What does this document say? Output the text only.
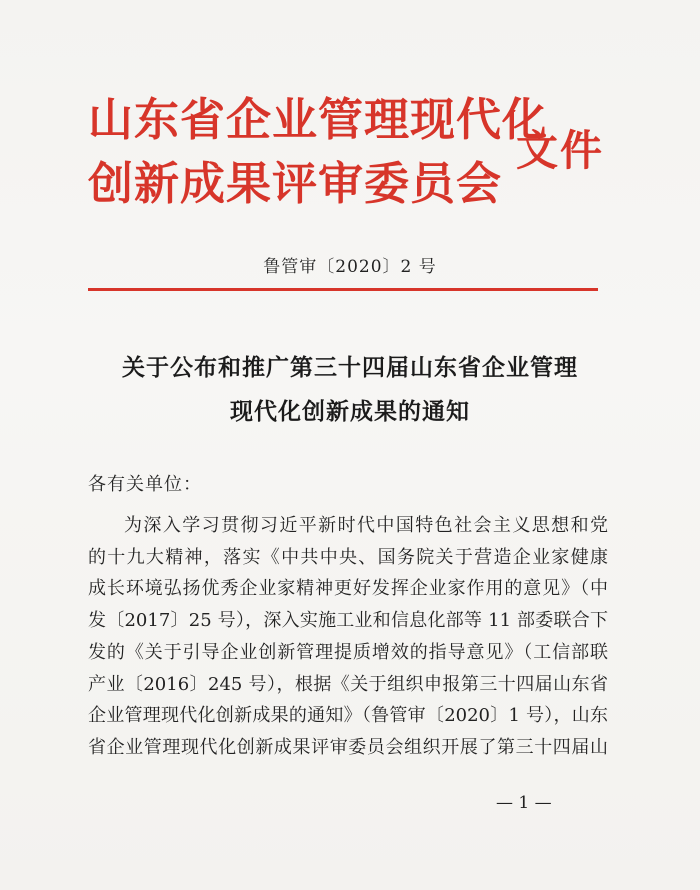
山东省企业管理现代化
创新成果评审委员会
文件
鲁管审〔2020〕2 号
关于公布和推广第三十四届山东省企业管理
现代化创新成果的通知
各有关单位：
为深入学习贯彻习近平新时代中国特色社会主义思想和党
的十九大精神，落实《中共中央、国务院关于营造企业家健康
成长环境弘扬优秀企业家精神更好发挥企业家作用的意见》（中
发〔2017〕25 号），深入实施工业和信息化部等 11 部委联合下
发的《关于引导企业创新管理提质增效的指导意见》（工信部联
产业〔2016〕245 号），根据《关于组织申报第三十四届山东省
企业管理现代化创新成果的通知》（鲁管审〔2020〕1 号），山东
省企业管理现代化创新成果评审委员会组织开展了第三十四届山
— 1 —
